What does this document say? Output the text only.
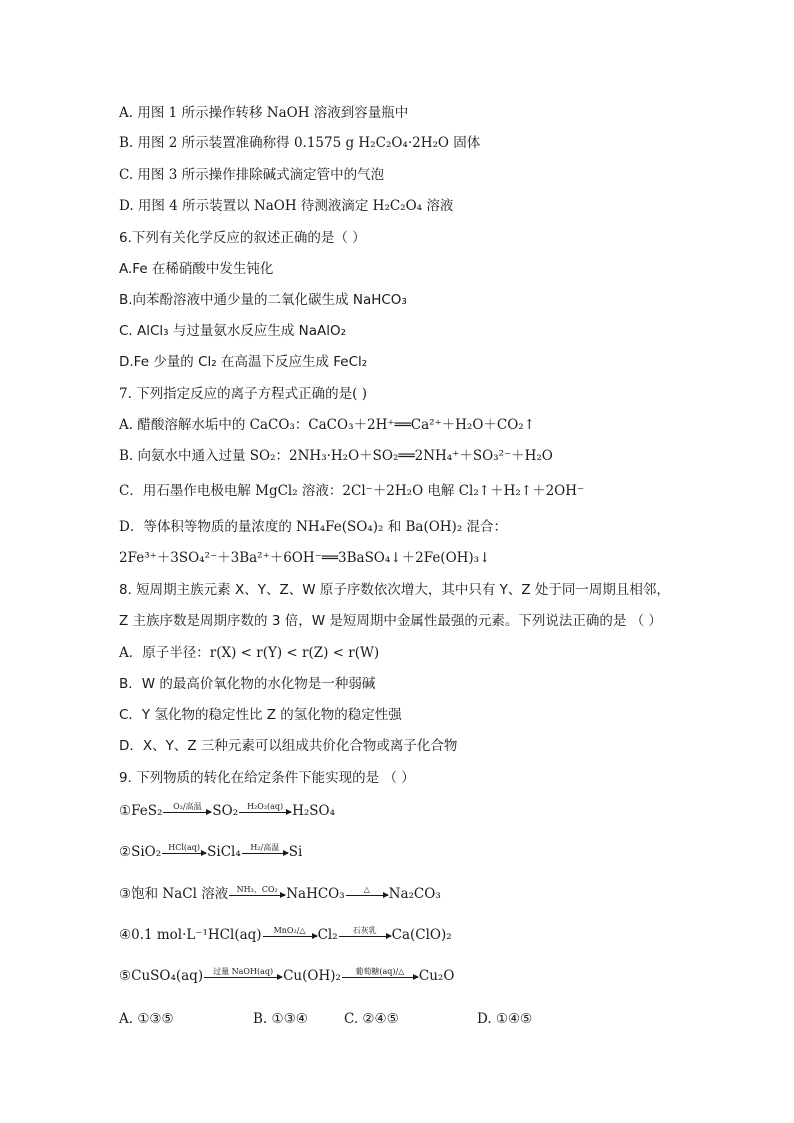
A. 用图 1 所示操作转移 NaOH 溶液到容量瓶中
B. 用图 2 所示装置准确称得 0.1575 g H₂C₂O₄·2H₂O 固体
C. 用图 3 所示操作排除碱式滴定管中的气泡
D. 用图 4 所示装置以 NaOH 待测液滴定 H₂C₂O₄ 溶液
6.下列有关化学反应的叙述正确的是（ ）
A.Fe 在稀硝酸中发生钝化
B.向苯酚溶液中通少量的二氧化碳生成 NaHCO₃
C. AlCl₃ 与过量氨水反应生成 NaAlO₂
D.Fe 少量的 Cl₂ 在高温下反应生成 FeCl₂
7. 下列指定反应的离子方程式正确的是( )
A. 醋酸溶解水垢中的 CaCO₃：CaCO₃＋2H⁺══Ca²⁺＋H₂O＋CO₂↑
B. 向氨水中通入过量 SO₂：2NH₃·H₂O＋SO₂══2NH₄⁺＋SO₃²⁻＋H₂O
C．用石墨作电极电解 MgCl₂ 溶液：2Cl⁻＋2H₂O 电解 Cl₂↑＋H₂↑＋2OH⁻
D．等体积等物质的量浓度的 NH₄Fe(SO₄)₂ 和 Ba(OH)₂ 混合：
2Fe³⁺＋3SO₄²⁻＋3Ba²⁺＋6OH⁻══3BaSO₄↓＋2Fe(OH)₃↓
8. 短周期主族元素 X、Y、Z、W 原子序数依次增大，其中只有 Y、Z 处于同一周期且相邻，
Z 主族序数是周期序数的 3 倍，W 是短周期中金属性最强的元素。下列说法正确的是 （ ）
A．原子半径：r(X) < r(Y) < r(Z) < r(W)
B．W 的最高价氧化物的水化物是一种弱碱
C．Y 氢化物的稳定性比 Z 的氢化物的稳定性强
D．X、Y、Z 三种元素可以组成共价化合物或离子化合物
9. 下列物质的转化在给定条件下能实现的是 （ ）
① FeS₂ O₂/高温 SO₂ H₂O₂(aq) H₂SO₄
② SiO₂ HCl(aq) SiCl₄ H₂/高温 Si
③ 饱和 NaCl 溶液 NH₃、CO₂ NaHCO₃ △ Na₂CO₃
④ 0.1 mol·L⁻¹HCl(aq) MnO₂/△ Cl₂ 石灰乳 Ca(ClO)₂
⑤ CuSO₄(aq) 过量 NaOH(aq) Cu(OH)₂ 葡萄糖(aq)/△ Cu₂O
A. ①③⑤	B. ①③④	C. ②④⑤	D. ①④⑤
